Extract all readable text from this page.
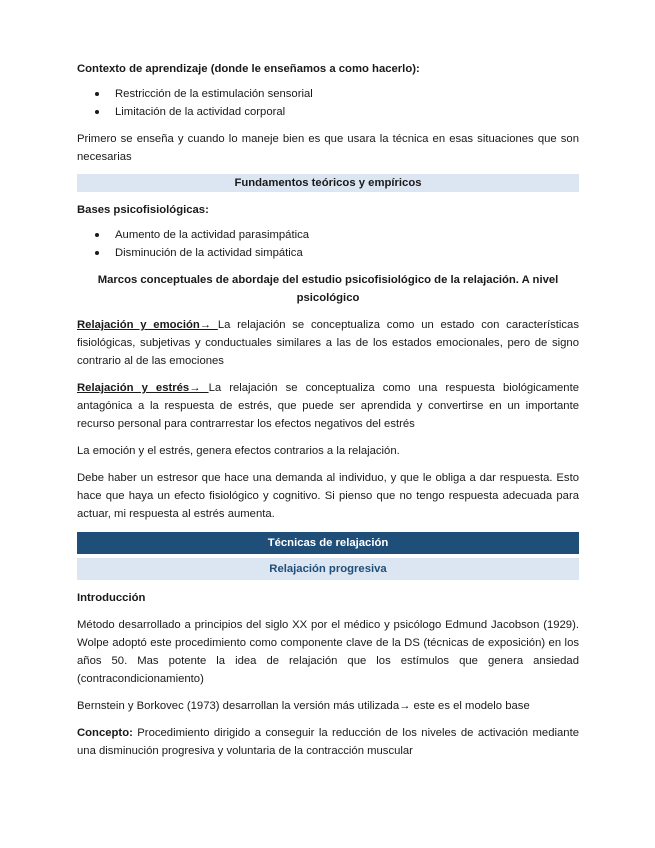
Contexto de aprendizaje (donde le enseñamos a como hacerlo):

Restricción de la estimulación sensorial
Limitación de la actividad corporal

Primero se enseña y cuando lo maneje bien es que usara la técnica en esas situaciones que son necesarias

Fundamentos teóricos y empíricos

Bases psicofisiológicas:

Aumento de la actividad parasimpática
Disminución de la actividad simpática

Marcos conceptuales de abordaje del estudio psicofisiológico de la relajación. A nivel psicológico

Relajación y emoción→ La relajación se conceptualiza como un estado con características fisiológicas, subjetivas y conductuales similares a las de los estados emocionales, pero de signo contrario al de las emociones

Relajación y estrés→ La relajación se conceptualiza como una respuesta biológicamente antagónica a la respuesta de estrés, que puede ser aprendida y convertirse en un importante recurso personal para contrarrestar los efectos negativos del estrés

La emoción y el estrés, genera efectos contrarios a la relajación.

Debe haber un estresor que hace una demanda al individuo, y que le obliga a dar respuesta. Esto hace que haya un efecto fisiológico y cognitivo. Si pienso que no tengo respuesta adecuada para actuar, mi respuesta al estrés aumenta.

Técnicas de relajación
Relajación progresiva

Introducción

Método desarrollado a principios del siglo XX por el médico y psicólogo Edmund Jacobson (1929). Wolpe adoptó este procedimiento como componente clave de la DS (técnicas de exposición) en los años 50. Mas potente la idea de relajación que los estímulos que genera ansiedad (contracondicionamiento)

Bernstein y Borkovec (1973) desarrollan la versión más utilizada→ este es el modelo base

Concepto: Procedimiento dirigido a conseguir la reducción de los niveles de activación mediante una disminución progresiva y voluntaria de la contracción muscular
